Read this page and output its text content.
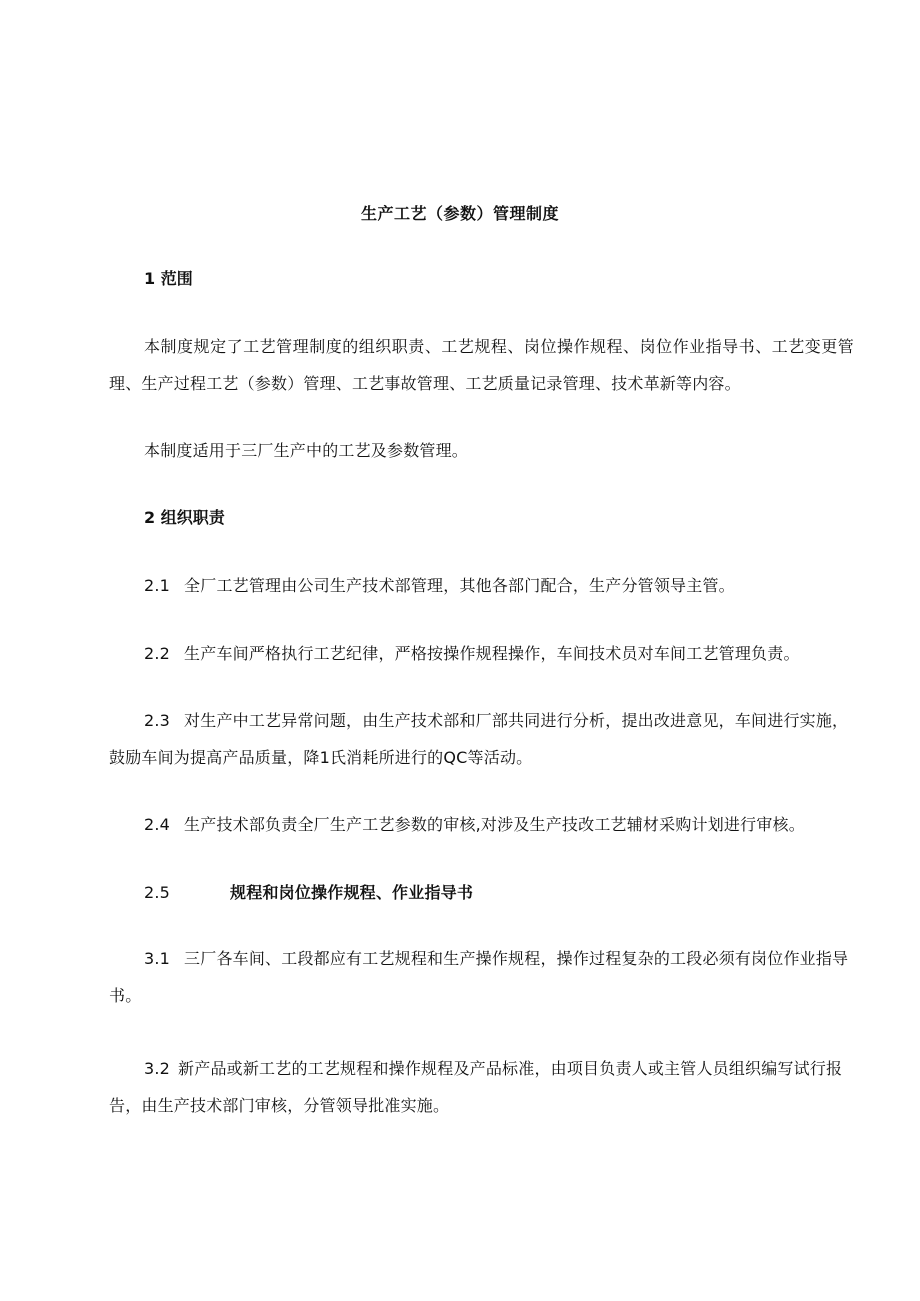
生产工艺（参数）管理制度
1 范围
本制度规定了工艺管理制度的组织职责、工艺规程、岗位操作规程、岗位作业指导书、工艺变更管理、生产过程工艺（参数）管理、工艺事故管理、工艺质量记录管理、技术革新等内容。
本制度适用于三厂生产中的工艺及参数管理。
2 组织职责
2.1 全厂工艺管理由公司生产技术部管理，其他各部门配合，生产分管领导主管。
2.2 生产车间严格执行工艺纪律，严格按操作规程操作，车间技术员对车间工艺管理负责。
2.3 对生产中工艺异常问题，由生产技术部和厂部共同进行分析，提出改进意见，车间进行实施，鼓励车间为提高产品质量，降1氏消耗所进行的QC等活动。
2.4 生产技术部负责全厂生产工艺参数的审核,对涉及生产技改工艺辅材采购计划进行审核。
2.5	规程和岗位操作规程、作业指导书
3.1 三厂各车间、工段都应有工艺规程和生产操作规程，操作过程复杂的工段必须有岗位作业指导书。
3.2 新产品或新工艺的工艺规程和操作规程及产品标准，由项目负责人或主管人员组织编写试行报告，由生产技术部门审核，分管领导批准实施。
